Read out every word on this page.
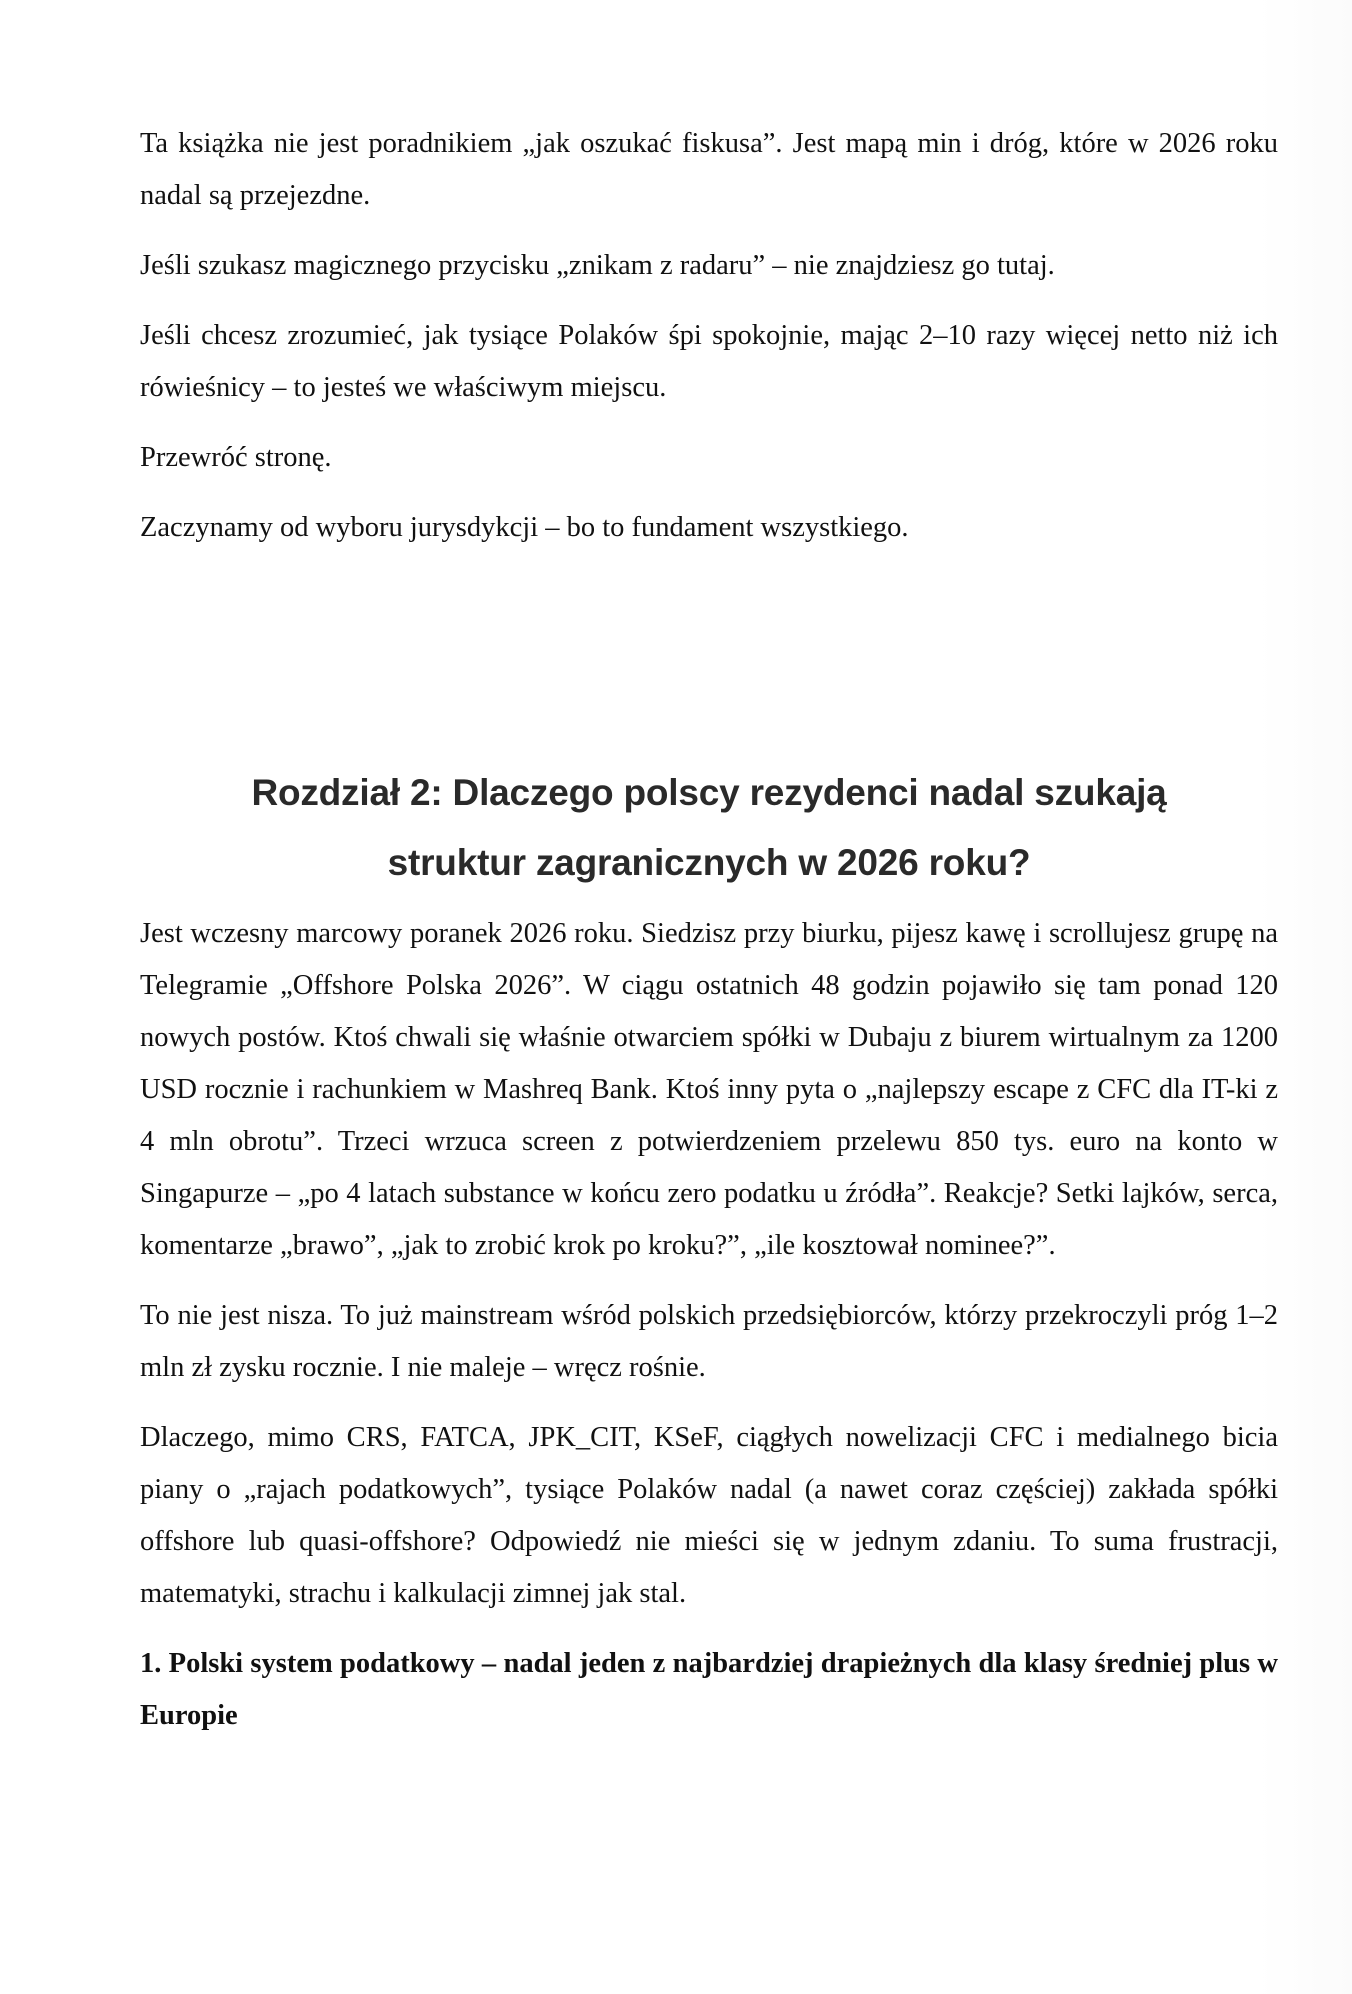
Ta książka nie jest poradnikiem „jak oszukać fiskusa”. Jest mapą min i dróg, które w 2026 roku nadal są przejezdne.

Jeśli szukasz magicznego przycisku „znikam z radaru” – nie znajdziesz go tutaj.

Jeśli chcesz zrozumieć, jak tysiące Polaków śpi spokojnie, mając 2–10 razy więcej netto niż ich rówieśnicy – to jesteś we właściwym miejscu.

Przewróć stronę.

Zaczynamy od wyboru jurysdykcji – bo to fundament wszystkiego.

Rozdział 2: Dlaczego polscy rezydenci nadal szukają
struktur zagranicznych w 2026 roku?

Jest wczesny marcowy poranek 2026 roku. Siedzisz przy biurku, pijesz kawę i scrollujesz grupę na Telegramie „Offshore Polska 2026”. W ciągu ostatnich 48 godzin pojawiło się tam ponad 120 nowych postów. Ktoś chwali się właśnie otwarciem spółki w Dubaju z biurem wirtualnym za 1200 USD rocznie i rachunkiem w Mashreq Bank. Ktoś inny pyta o „najlepszy escape z CFC dla IT-ki z 4 mln obrotu”. Trzeci wrzuca screen z potwierdzeniem przelewu 850 tys. euro na konto w Singapurze – „po 4 latach substance w końcu zero podatku u źródła”. Reakcje? Setki lajków, serca, komentarze „brawo”, „jak to zrobić krok po kroku?”, „ile kosztował nominee?”.

To nie jest nisza. To już mainstream wśród polskich przedsiębiorców, którzy przekroczyli próg 1–2 mln zł zysku rocznie. I nie maleje – wręcz rośnie.

Dlaczego, mimo CRS, FATCA, JPK_CIT, KSeF, ciągłych nowelizacji CFC i medialnego bicia piany o „rajach podatkowych”, tysiące Polaków nadal (a nawet coraz częściej) zakłada spółki offshore lub quasi-offshore? Odpowiedź nie mieści się w jednym zdaniu. To suma frustracji, matematyki, strachu i kalkulacji zimnej jak stal.

1. Polski system podatkowy – nadal jeden z najbardziej drapieżnych dla klasy średniej plus w Europie
